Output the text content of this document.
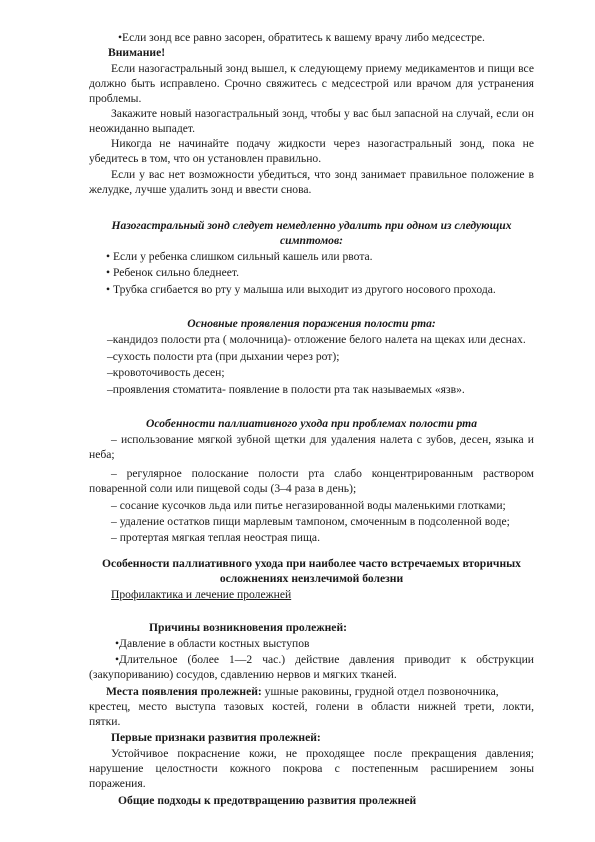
•Если зонд все равно засорен, обратитесь к вашему врачу либо медсестре.
Внимание!
Если назогастральный зонд вышел, к следующему приему медикаментов и пищи все
должно быть исправлено. Срочно свяжитесь с медсестрой или врачом для устранения
проблемы.
Закажите новый назогастральный зонд, чтобы у вас был запасной на случай, если он
неожиданно выпадет.
Никогда не начинайте подачу жидкости через назогастральный зонд, пока не
убедитесь в том, что он установлен правильно.
Если у вас нет возможности убедиться, что зонд занимает правильное положение в
желудке, лучше удалить зонд и ввести снова.
Назогастральный зонд следует немедленно удалить при одном из следующих
симптомов:
• Если у ребенка слишком сильный кашель или рвота.
• Ребенок сильно бледнеет.
• Трубка сгибается во рту у малыша или выходит из другого носового прохода.
Основные проявления поражения полости рта:
–кандидоз полости рта ( молочница)- отложение белого налета на щеках или деснах.
–сухость полости рта (при дыхании через рот);
–кровоточивость десен;
–проявления стоматита- появление в полости рта так называемых «язв».
Особенности паллиативного ухода при проблемах полости рта
– использование мягкой зубной щетки для удаления налета с зубов, десен, языка и
неба;
– регулярное полоскание полости рта слабо концентрированным раствором
поваренной соли или пищевой соды (3–4 раза в день);
– сосание кусочков льда или питье негазированной воды маленькими глотками;
– удаление остатков пищи марлевым тампоном, смоченным в подсоленной воде;
– протертая мягкая теплая неострая пища.
Особенности паллиативного ухода при наиболее часто встречаемых вторичных
осложнениях неизлечимой болезни
Профилактика и лечение пролежней
Причины возникновения пролежней:
•Давление в области костных выступов
•Длительное (более 1—2 час.) действие давления приводит к обструкции
(закупориванию) сосудов, сдавлению нервов и мягких тканей.
Места появления пролежней: ушные раковины, грудной отдел позвоночника,
крестец, место выступа тазовых костей, голени в области нижней трети, локти,
пятки.
Первые признаки развития пролежней:
Устойчивое покраснение кожи, не проходящее после прекращения давления;
нарушение целостности кожного покрова с постепенным расширением зоны
поражения.
Общие подходы к предотвращению развития пролежней
